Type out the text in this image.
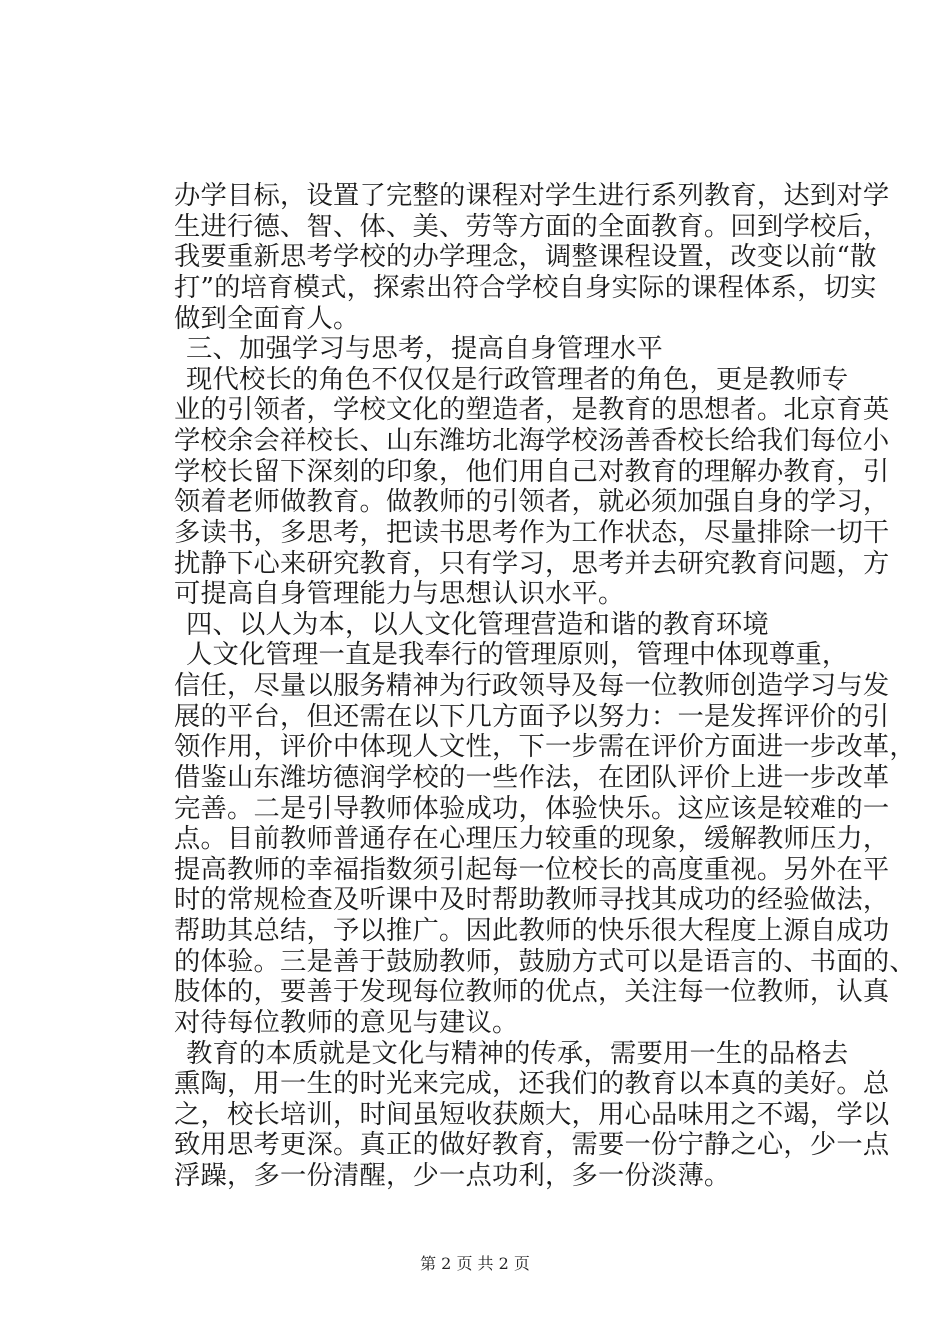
办学目标，设置了完整的课程对学生进行系列教育，达到对学
生进行德、智、体、美、劳等方面的全面教育。回到学校后，
我要重新思考学校的办学理念，调整课程设置，改变以前“散
打”的培育模式，探索出符合学校自身实际的课程体系，切实
做到全面育人。
三、加强学习与思考，提高自身管理水平
现代校长的角色不仅仅是行政管理者的角色，更是教师专
业的引领者，学校文化的塑造者，是教育的思想者。北京育英
学校余会祥校长、山东潍坊北海学校汤善香校长给我们每位小
学校长留下深刻的印象，他们用自己对教育的理解办教育，引
领着老师做教育。做教师的引领者，就必须加强自身的学习，
多读书，多思考，把读书思考作为工作状态，尽量排除一切干
扰静下心来研究教育，只有学习，思考并去研究教育问题，方
可提高自身管理能力与思想认识水平。
四、以人为本，以人文化管理营造和谐的教育环境
人文化管理一直是我奉行的管理原则，管理中体现尊重，
信任，尽量以服务精神为行政领导及每一位教师创造学习与发
展的平台，但还需在以下几方面予以努力：一是发挥评价的引
领作用，评价中体现人文性，下一步需在评价方面进一步改革，
借鉴山东潍坊德润学校的一些作法，在团队评价上进一步改革
完善。二是引导教师体验成功，体验快乐。这应该是较难的一
点。目前教师普通存在心理压力较重的现象，缓解教师压力，
提高教师的幸福指数须引起每一位校长的高度重视。另外在平
时的常规检查及听课中及时帮助教师寻找其成功的经验做法，
帮助其总结，予以推广。因此教师的快乐很大程度上源自成功
的体验。三是善于鼓励教师，鼓励方式可以是语言的、书面的、
肢体的，要善于发现每位教师的优点，关注每一位教师，认真
对待每位教师的意见与建议。
教育的本质就是文化与精神的传承，需要用一生的品格去
熏陶，用一生的时光来完成，还我们的教育以本真的美好。总
之，校长培训，时间虽短收获颇大，用心品味用之不竭，学以
致用思考更深。真正的做好教育，需要一份宁静之心，少一点
浮躁，多一份清醒，少一点功利，多一份淡薄。
第 2 页 共 2 页
